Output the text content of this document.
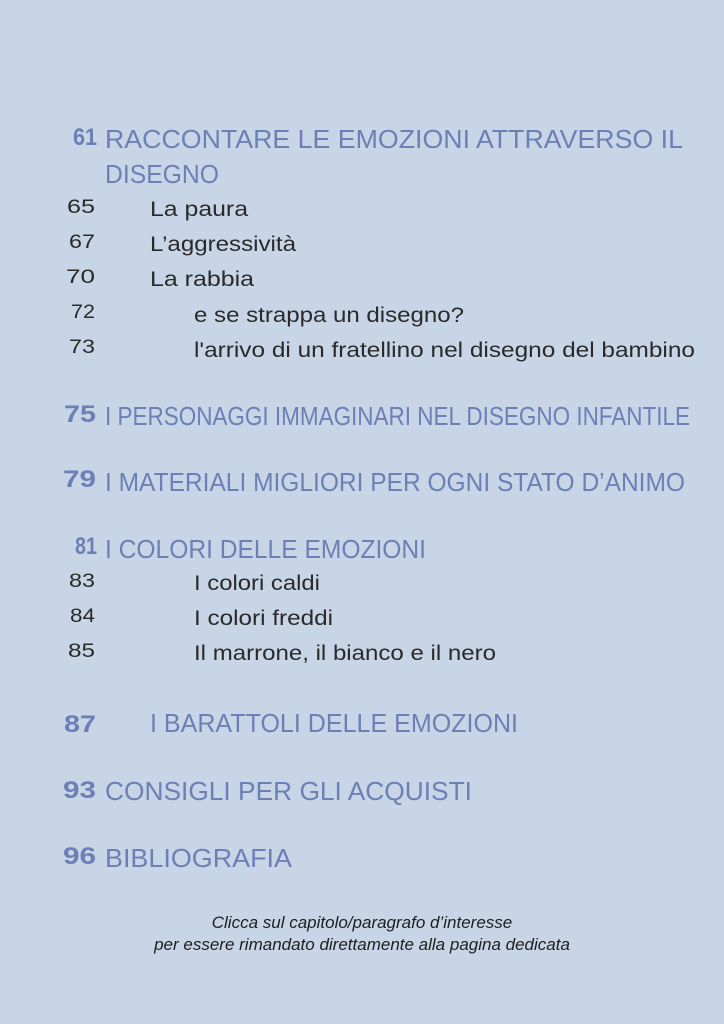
61 RACCONTARE LE EMOZIONI ATTRAVERSO IL
DISEGNO
65	La paura
67	L’aggressività
70	La rabbia
72	e se strappa un disegno?
73	l'arrivo di un fratellino nel disegno del bambino
75 I PERSONAGGI IMMAGINARI NEL DISEGNO INFANTILE
79 I MATERIALI MIGLIORI PER OGNI STATO D’ANIMO
81 I COLORI DELLE EMOZIONI
83	I colori caldi
84	I colori freddi
85	Il marrone, il bianco e il nero
87 I BARATTOLI DELLE EMOZIONI
93 CONSIGLI PER GLI ACQUISTI
96 BIBLIOGRAFIA
Clicca sul capitolo/paragrafo d’interesse
per essere rimandato direttamente alla pagina dedicata
